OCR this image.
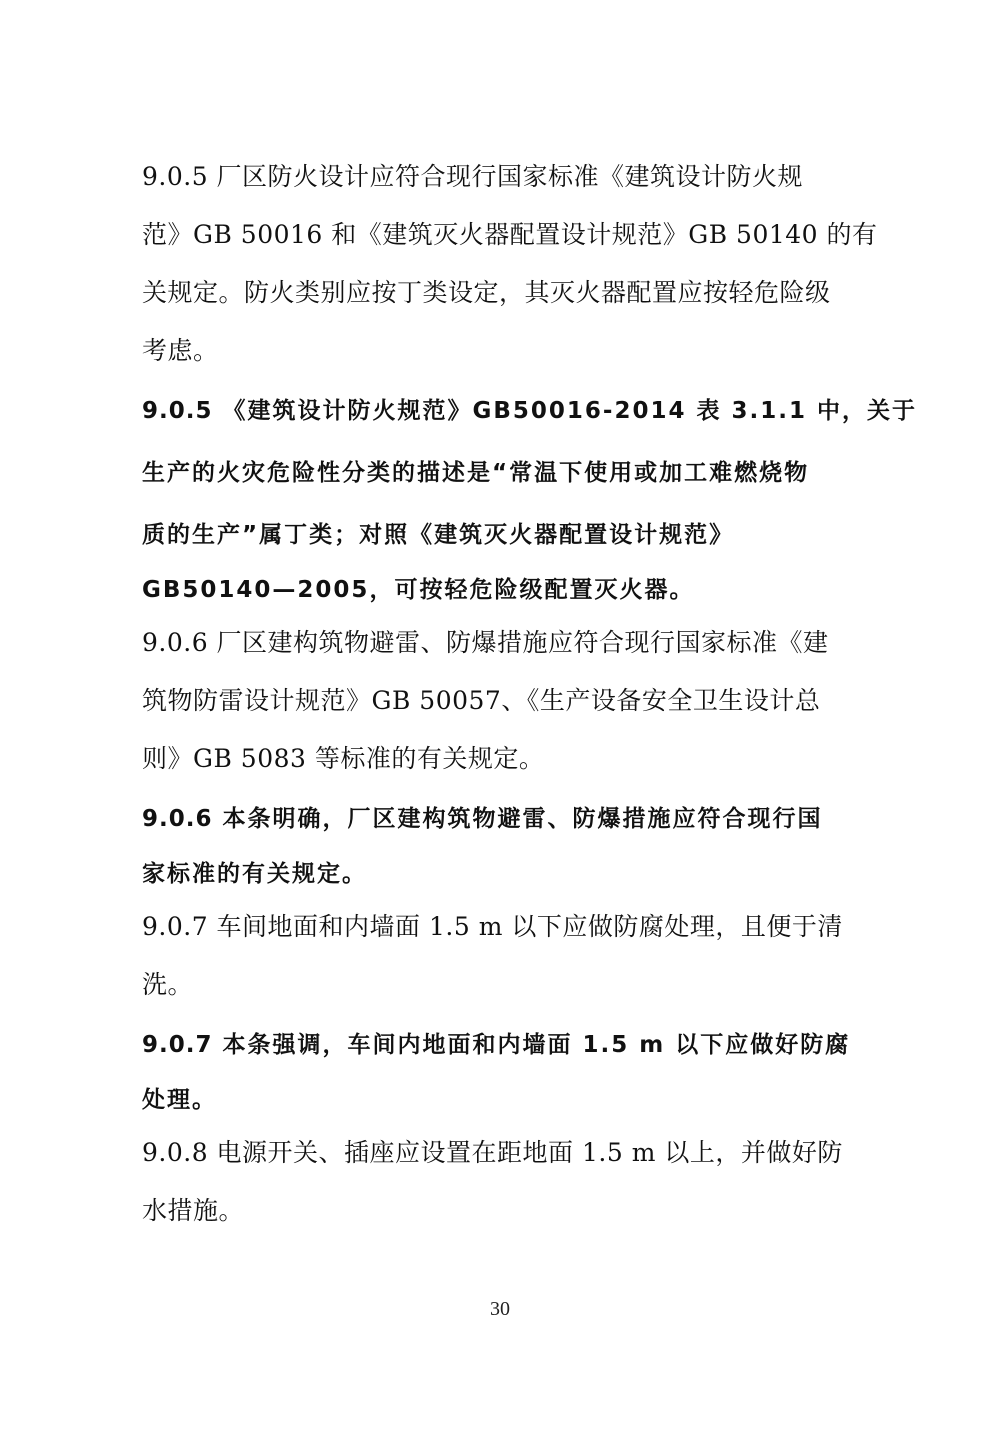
9.0.5 厂区防火设计应符合现行国家标准《建筑设计防火规
范》GB 50016 和《建筑灭火器配置设计规范》GB 50140 的有
关规定。防火类别应按丁类设定，其灭火器配置应按轻危险级
考虑。

9.0.5 《建筑设计防火规范》GB50016-2014 表 3.1.1 中，关于
生产的火灾危险性分类的描述是“常温下使用或加工难燃烧物
质的生产”属丁类；对照《建筑灭火器配置设计规范》
GB50140—2005，可按轻危险级配置灭火器。

9.0.6 厂区建构筑物避雷、防爆措施应符合现行国家标准《建
筑物防雷设计规范》GB 50057、《生产设备安全卫生设计总
则》GB 5083 等标准的有关规定。

9.0.6 本条明确，厂区建构筑物避雷、防爆措施应符合现行国
家标准的有关规定。

9.0.7 车间地面和内墙面 1.5 m 以下应做防腐处理，且便于清
洗。

9.0.7 本条强调，车间内地面和内墙面 1.5 m 以下应做好防腐
处理。

9.0.8 电源开关、插座应设置在距地面 1.5 m 以上，并做好防
水措施。

30
